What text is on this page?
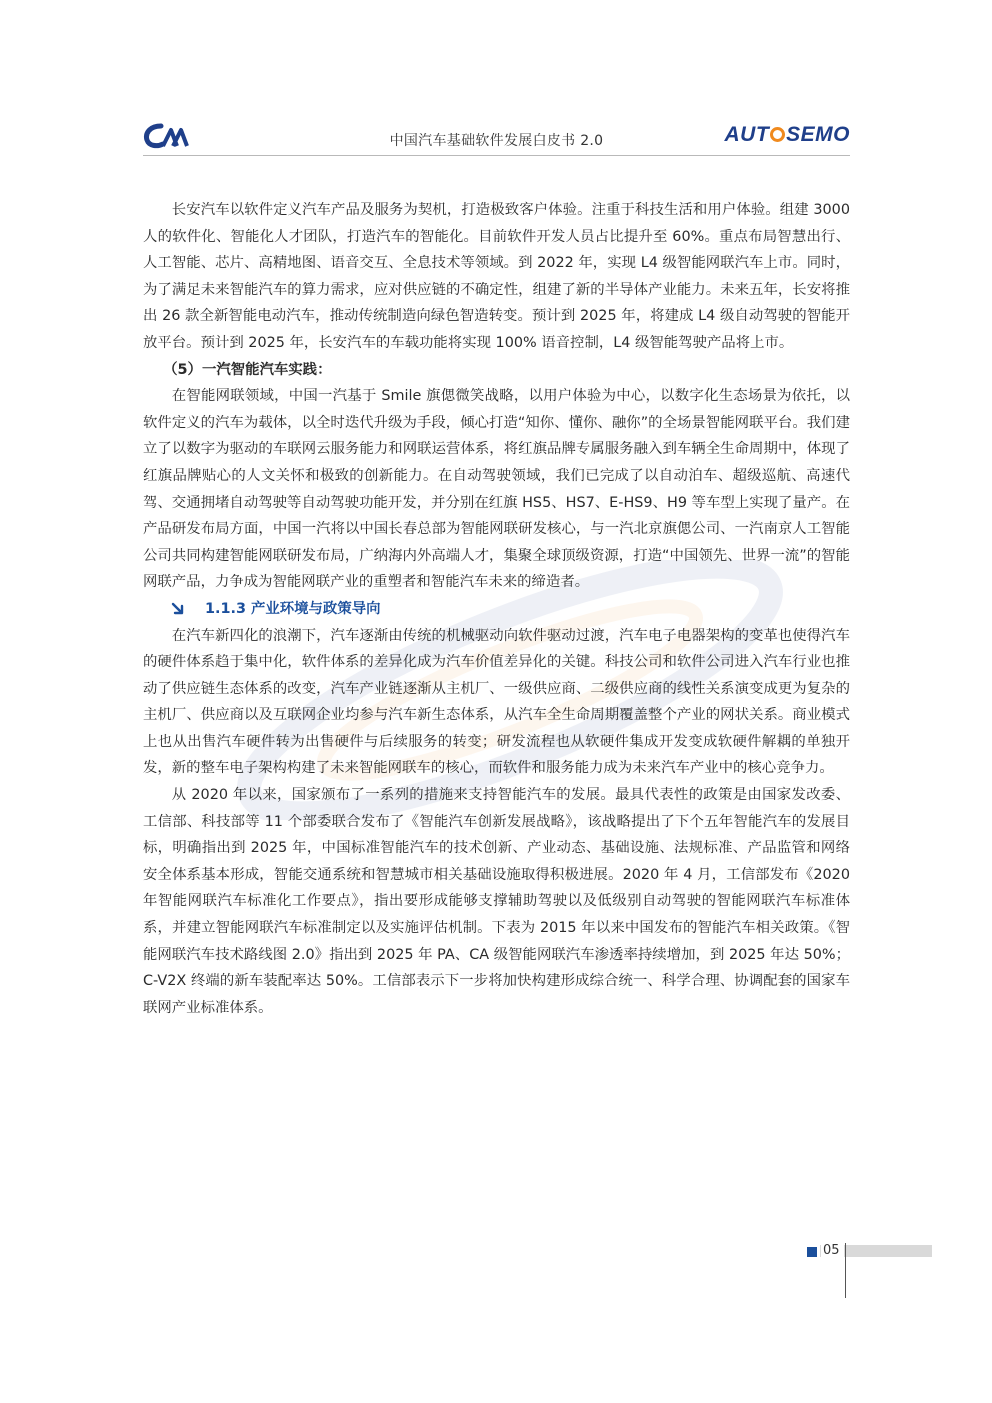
中国汽车基础软件发展白皮书 2.0	AUT SEMO

长安汽车以软件定义汽车产品及服务为契机，打造极致客户体验。注重于科技生活和用户体验。组建 3000 人的软件化、智能化人才团队，打造汽车的智能化。目前软件开发人员占比提升至 60%。重点布局智慧出行、人工智能、芯片、高精地图、语音交互、全息技术等领域。到 2022 年，实现 L4 级智能网联汽车上市。同时，为了满足未来智能汽车的算力需求，应对供应链的不确定性，组建了新的半导体产业能力。未来五年，长安将推出 26 款全新智能电动汽车，推动传统制造向绿色智造转变。预计到 2025 年，将建成 L4 级自动驾驶的智能开放平台。预计到 2025 年，长安汽车的车载功能将实现 100% 语音控制，L4 级智能驾驶产品将上市。

（5）一汽智能汽车实践：

在智能网联领域，中国一汽基于 Smile 旗偲微笑战略，以用户体验为中心，以数字化生态场景为依托，以软件定义的汽车为载体，以全时迭代升级为手段，倾心打造“知你、懂你、融你”的全场景智能网联平台。我们建立了以数字为驱动的车联网云服务能力和网联运营体系，将红旗品牌专属服务融入到车辆全生命周期中，体现了红旗品牌贴心的人文关怀和极致的创新能力。在自动驾驶领域，我们已完成了以自动泊车、超级巡航、高速代驾、交通拥堵自动驾驶等自动驾驶功能开发，并分别在红旗 HS5、HS7、E-HS9、H9 等车型上实现了量产。在产品研发布局方面，中国一汽将以中国长春总部为智能网联研发核心，与一汽北京旗偲公司、一汽南京人工智能公司共同构建智能网联研发布局，广纳海内外高端人才，集聚全球顶级资源，打造“中国领先、世界一流”的智能网联产品，力争成为智能网联产业的重塑者和智能汽车未来的缔造者。

1.1.3 产业环境与政策导向

在汽车新四化的浪潮下，汽车逐渐由传统的机械驱动向软件驱动过渡，汽车电子电器架构的变革也使得汽车的硬件体系趋于集中化，软件体系的差异化成为汽车价值差异化的关键。科技公司和软件公司进入汽车行业也推动了供应链生态体系的改变，汽车产业链逐渐从主机厂、一级供应商、二级供应商的线性关系演变成更为复杂的主机厂、供应商以及互联网企业均参与汽车新生态体系，从汽车全生命周期覆盖整个产业的网状关系。商业模式上也从出售汽车硬件转为出售硬件与后续服务的转变；研发流程也从软硬件集成开发变成软硬件解耦的单独开发，新的整车电子架构构建了未来智能网联车的核心，而软件和服务能力成为未来汽车产业中的核心竞争力。

从 2020 年以来，国家颁布了一系列的措施来支持智能汽车的发展。最具代表性的政策是由国家发改委、工信部、科技部等 11 个部委联合发布了《智能汽车创新发展战略》，该战略提出了下个五年智能汽车的发展目标，明确指出到 2025 年，中国标准智能汽车的技术创新、产业动态、基础设施、法规标准、产品监管和网络安全体系基本形成，智能交通系统和智慧城市相关基础设施取得积极进展。2020 年 4 月，工信部发布《2020 年智能网联汽车标准化工作要点》，指出要形成能够支撑辅助驾驶以及低级别自动驾驶的智能网联汽车标准体系，并建立智能网联汽车标准制定以及实施评估机制。下表为 2015 年以来中国发布的智能汽车相关政策。《智能网联汽车技术路线图 2.0》指出到 2025 年 PA、CA 级智能网联汽车渗透率持续增加，到 2025 年达 50%；C-V2X 终端的新车装配率达 50%。工信部表示下一步将加快构建形成综合统一、科学合理、协调配套的国家车联网产业标准体系。

05
